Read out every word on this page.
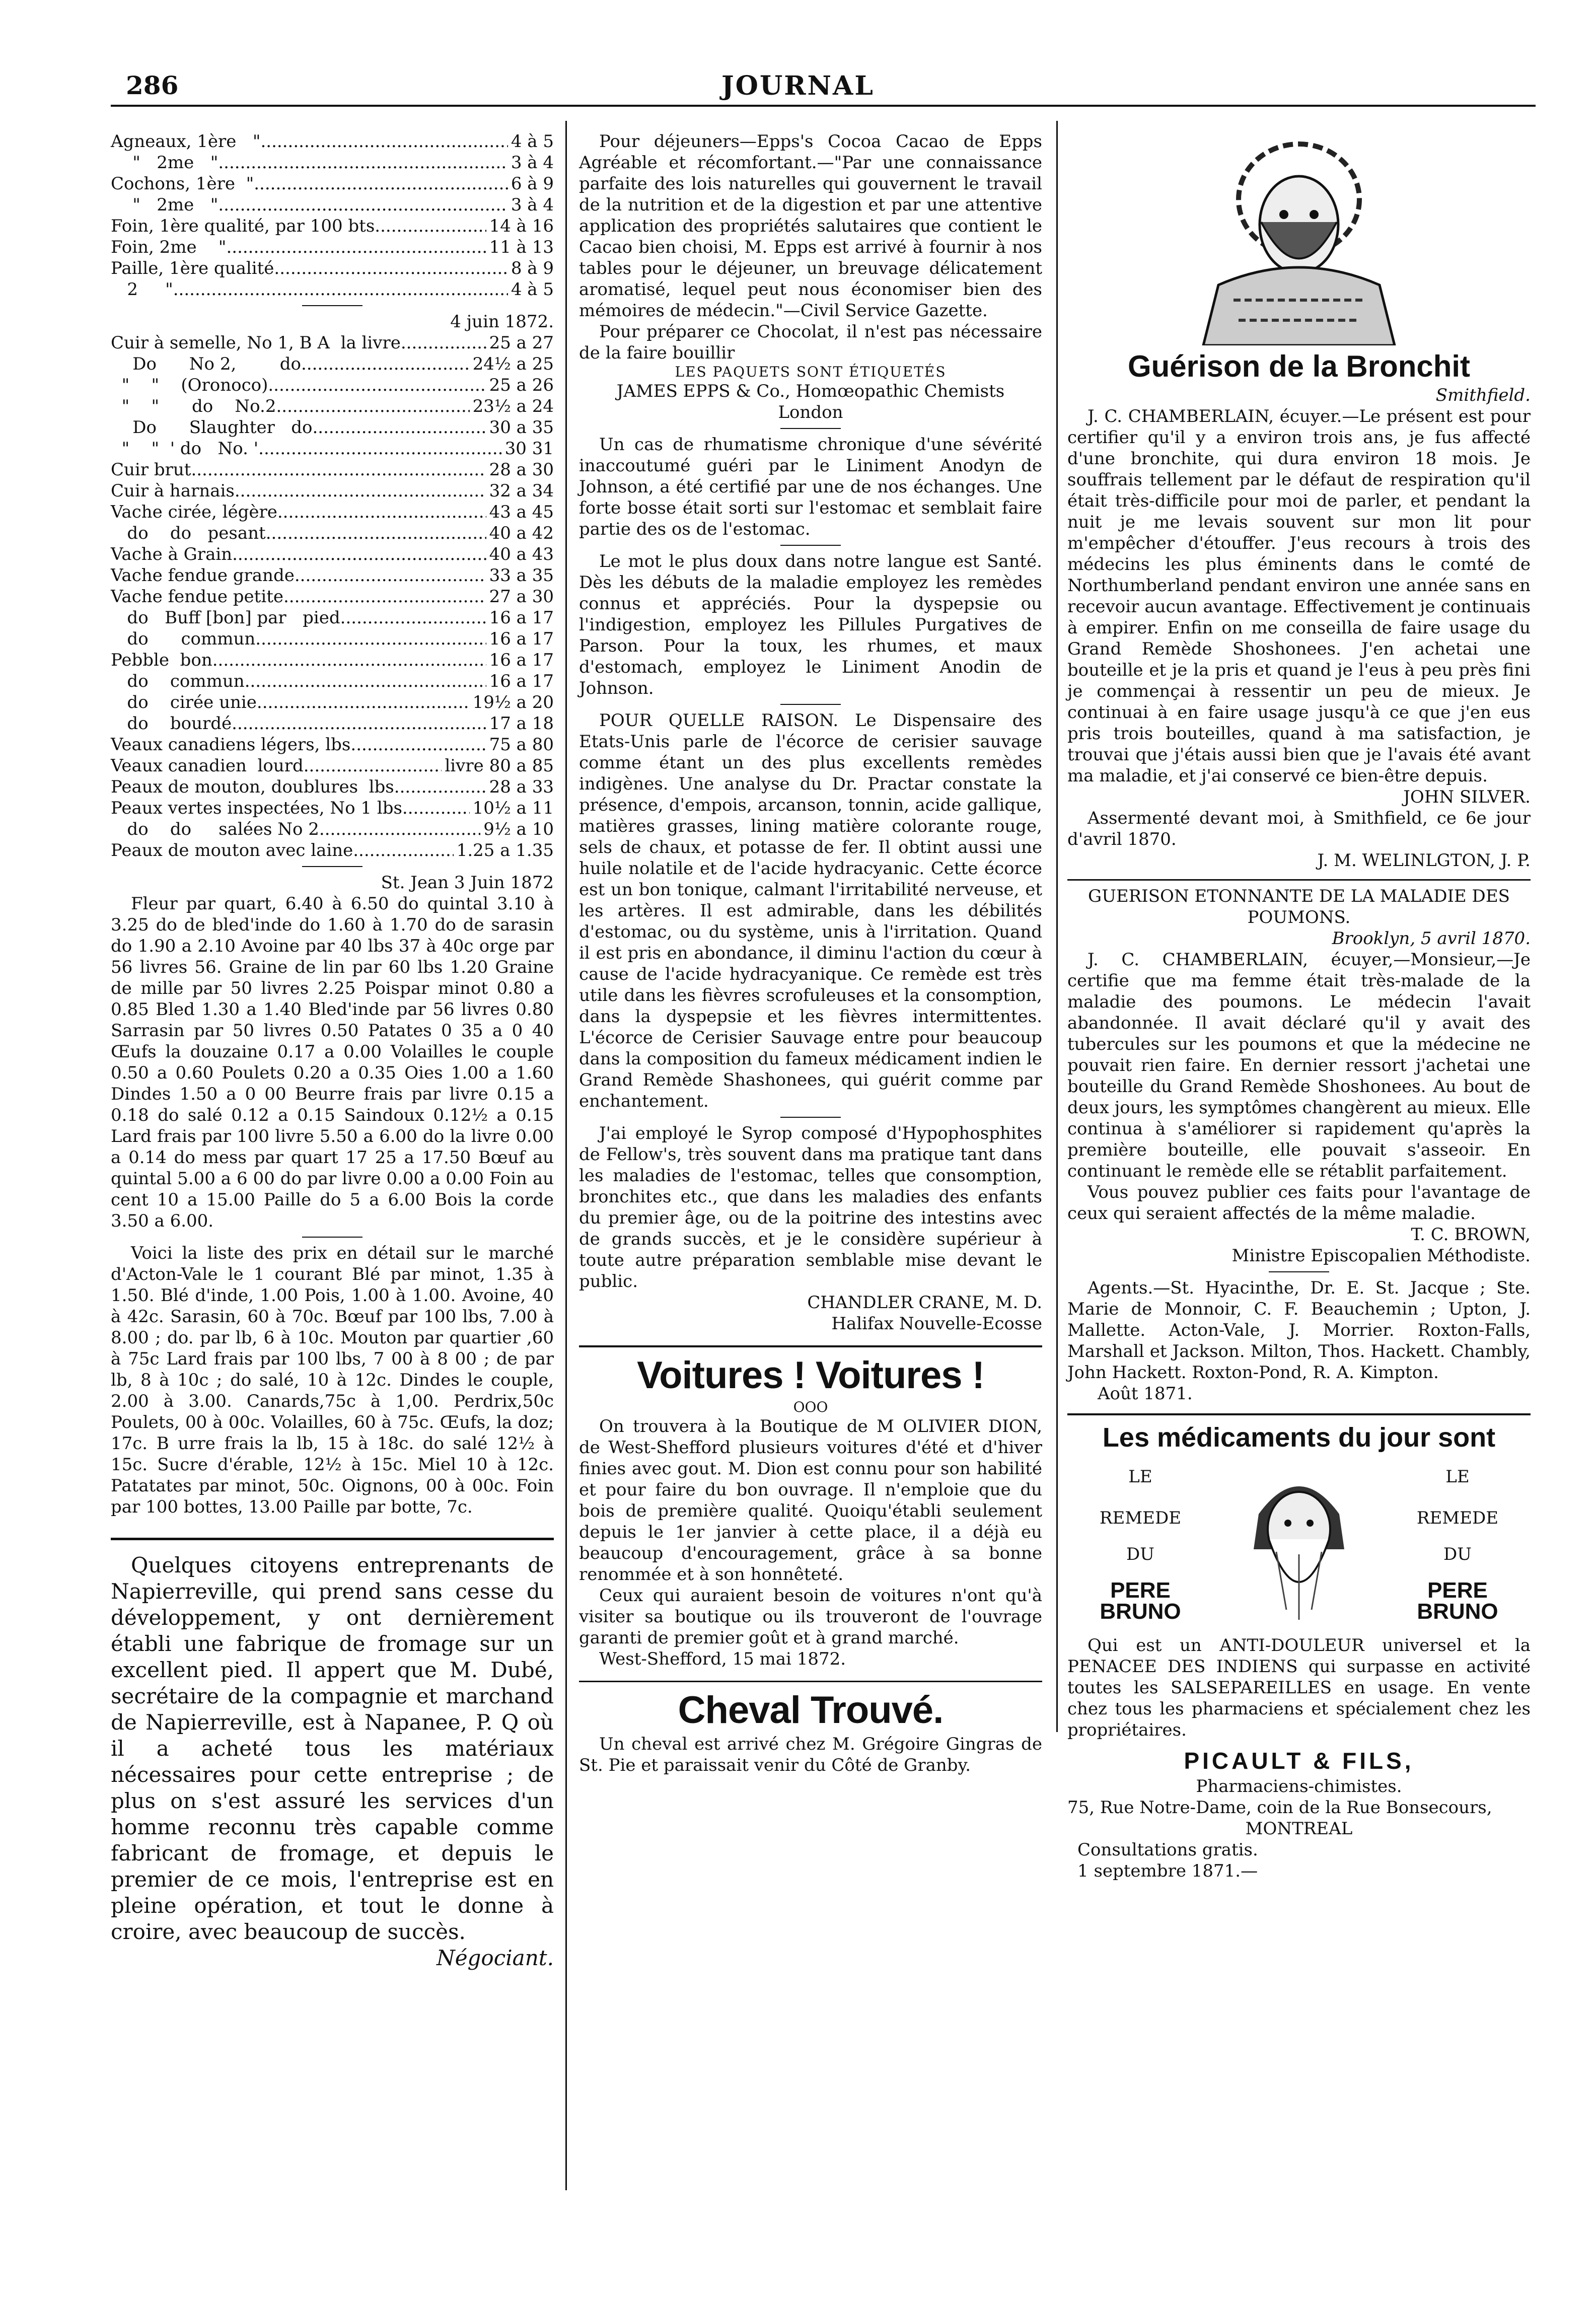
286	JOURNAL
Agneaux, 1ère   " .....	4 à 5
"   2me   " .....	3 à 4
Cochons, 1ère  " .....	6 à 9
"   2me   " .....	3 à 4
Foin, 1ère qualité, par 100 bts .....	14 à 16
Foin, 2me    " .....	11 à 13
Paille, 1ère qualité .....	8 à 9
2     " .....	4 à 5
4 juin 1872.
Cuir à semelle, No 1, B A  la livre .....	25 a 27
Do      No 2,        do .....	24½ a 25
"    "    (Oronoco) .....	25 a 26
"    "      do    No.2.. .....	23½ a 24
Do      Slaughter   do .....	30 a 35
"    "  ' do   No. ' .....	30 31
Cuir brut .....	28 a 30
Cuir à harnais .....	32 a 34
Vache cirée, légère .....	43 a 45
do    do   pesant .....	40 a 42
Vache à Grain .....	40 a 43
Vache fendue grande .....	33 a 35
Vache fendue petite .....	27 a 30
do   Buff [bon] par   pied .....	16 a 17
do      commun .....	16 a 17
Pebble  bon .....	16 a 17
do    commun .....	16 a 17
do    cirée unie .....	19½ a 20
do    bourdé .....	17 a 18
Veaux canadiens légers, lbs .....	75 a 80
Veaux canadien  lourd .....	livre 80 a 85
Peaux de mouton, doublures  lbs .....	28 a 33
Peaux vertes inspectées, No 1 lbs .....	10½ a 11
do    do     salées No 2 .....	9½ a 10
Peaux de mouton avec laine .....	1.25 a 1.35
St. Jean 3 Juin 1872

Fleur par quart, 6.40 à 6.50 do quintal 3.10 à 3.25 do de bled'inde do 1.60 à 1.70 do de sarasin do 1.90 a 2.10 Avoine par 40 lbs 37 à 40c orge par 56 livres 56. Graine de lin par 60 lbs 1.20 Graine de mille par 50 livres 2.25 Poispar minot 0.80 a 0.85 Bled 1.30 a 1.40 Bled'inde par 56 livres 0.80 Sarrasin par 50 livres 0.50 Patates 0 35 a 0 40 Œufs la douzaine 0.17 a 0.00 Volailles le couple 0.50 a 0.60 Poulets 0.20 a 0.35 Oies 1.00 a 1.60 Dindes 1.50 a 0 00 Beurre frais par livre 0.15 a 0.18 do salé 0.12 a 0.15 Saindoux 0.12½ a 0.15 Lard frais par 100 livre 5.50 a 6.00 do la livre 0.00 a 0.14 do mess par quart 17 25 a 17.50 Bœuf au quintal 5.00 a 6 00 do par livre 0.00 a 0.00 Foin au cent 10 a 15.00 Paille do 5 a 6.00 Bois la corde 3.50 a 6.00.

Voici la liste des prix en détail sur le marché d'Acton-Vale le 1 courant Blé par minot, 1.35 à 1.50. Blé d'inde, 1.00 Pois, 1.00 à 1.00. Avoine, 40 à 42c. Sarasin, 60 à 70c. Bœuf par 100 lbs, 7.00 à 8.00 ; do. par lb, 6 à 10c. Mouton par quartier ,60 à 75c Lard frais par 100 lbs, 7 00 à 8 00 ; de par lb, 8 à 10c ; do salé, 10 à 12c. Dindes le couple, 2.00 à 3.00. Canards,75c à 1,00. Perdrix,50c Poulets, 00 à 00c. Volailles, 60 à 75c. Œufs, la doz; 17c. B urre frais la lb, 15 à 18c. do salé 12½ à 15c. Sucre d'érable, 12½ à 15c. Miel 10 à 12c. Patatates par minot, 50c. Oignons, 00 à 00c. Foin par 100 bottes, 13.00 Paille par botte, 7c.

Quelques citoyens entreprenants de Napierreville, qui prend sans cesse du développement, y ont dernièrement établi une fabrique de fromage sur un excellent pied. Il appert que M. Dubé, secrétaire de la compagnie et marchand de Napierreville, est à Napanee, P. Q où il a acheté tous les matériaux nécessaires pour cette entreprise ; de plus on s'est assuré les services d'un homme reconnu très capable comme fabricant de fromage, et depuis le premier de ce mois, l'entreprise est en pleine opération, et tout le donne à croire, avec beaucoup de succès.

Négociant.

Pour déjeuners—Epps's Cocoa Cacao de Epps Agréable et récomfortant.—"Par une connaissance parfaite des lois naturelles qui gouvernent le travail de la nutrition et de la digestion et par une attentive application des propriétés salutaires que contient le Cacao bien choisi, M. Epps est arrivé à fournir à nos tables pour le déjeuner, un breuvage délicatement aromatisé, lequel peut nous économiser bien des mémoires de médecin."—Civil Service Gazette.

Pour préparer ce Chocolat, il n'est pas nécessaire de la faire bouillir

LES PAQUETS SONT ÉTIQUETÉS
JAMES EPPS & Co., Homœopathic Chemists
London

Un cas de rhumatisme chronique d'une sévérité inaccoutumé guéri par le Liniment Anodyn de Johnson, a été certifié par une de nos échanges. Une forte bosse était sorti sur l'estomac et semblait faire partie des os de l'estomac.

Le mot le plus doux dans notre langue est Santé. Dès les débuts de la maladie employez les remèdes connus et appréciés. Pour la dyspepsie ou l'indigestion, employez les Pillules Purgatives de Parson. Pour la toux, les rhumes, et maux d'estomach, employez le Liniment Anodin de Johnson.

POUR QUELLE RAISON. Le Dispensaire des Etats-Unis parle de l'écorce de cerisier sauvage comme étant un des plus excellents remèdes indigènes. Une analyse du Dr. Practar constate la présence, d'empois, arcanson, tonnin, acide gallique, matières grasses, lining matière colorante rouge, sels de chaux, et potasse de fer. Il obtint aussi une huile nolatile et de l'acide hydracyanic. Cette écorce est un bon tonique, calmant l'irritabilité nerveuse, et les artères. Il est admirable, dans les débilités d'estomac, ou du système, unis à l'irritation. Quand il est pris en abondance, il diminu l'action du cœur à cause de l'acide hydracyanique. Ce remède est très utile dans les fièvres scrofuleuses et la consomption, dans la dyspepsie et les fièvres intermittentes. L'écorce de Cerisier Sauvage entre pour beaucoup dans la composition du fameux médicament indien le Grand Remède Shashonees, qui guérit comme par enchantement.

J'ai employé le Syrop composé d'Hypophosphites de Fellow's, très souvent dans ma pratique tant dans les maladies de l'estomac, telles que consomption, bronchites etc., que dans les maladies des enfants du premier âge, ou de la poitrine des intestins avec de grands succès, et je le considère supérieur à toute autre préparation semblable mise devant le public.

CHANDLER CRANE, M. D.
Halifax Nouvelle-Ecosse
Voitures ! Voitures !
OOO

On trouvera à la Boutique de M OLIVIER DION, de West-Shefford plusieurs voitures d'été et d'hiver finies avec gout. M. Dion est connu pour son habilité et pour faire du bon ouvrage. Il n'emploie que du bois de première qualité. Quoiqu'établi seulement depuis le 1er janvier à cette place, il a déjà eu beaucoup d'encouragement, grâce à sa bonne renommée et à son honnêteté.

Ceux qui auraient besoin de voitures n'ont qu'à visiter sa boutique ou ils trouveront de l'ouvrage garanti de premier goût et à grand marché.

West-Shefford, 15 mai 1872.
Cheval Trouvé.

Un cheval est arrivé chez M. Grégoire Gingras de St. Pie et paraissait venir du Côté de Granby.

Guérison de la Bronchit
Smithfield.

J. C. CHAMBERLAIN, écuyer.—Le présent est pour certifier qu'il y a environ trois ans, je fus affecté d'une bronchite, qui dura environ 18 mois. Je souffrais tellement par le défaut de respiration qu'il était très-difficile pour moi de parler, et pendant la nuit je me levais souvent sur mon lit pour m'empêcher d'étouffer. J'eus recours à trois des médecins les plus éminents dans le comté de Northumberland pendant environ une année sans en recevoir aucun avantage. Effectivement je continuais à empirer. Enfin on me conseilla de faire usage du Grand Remède Shoshonees. J'en achetai une bouteille et je la pris et quand je l'eus à peu près fini je commençai à ressentir un peu de mieux. Je continuai à en faire usage jusqu'à ce que j'en eus pris trois bouteilles, quand à ma satisfaction, je trouvai que j'étais aussi bien que je l'avais été avant ma maladie, et j'ai conservé ce bien-être depuis.

JOHN SILVER.

Assermenté devant moi, à Smithfield, ce 6e jour d'avril 1870.

J. M. WELINLGTON, J. P.
GUERISON ETONNANTE DE LA MALADIE DES POUMONS.
Brooklyn, 5 avril 1870.

J. C. CHAMBERLAIN, écuyer,—Monsieur,—Je certifie que ma femme était très-malade de la maladie des poumons. Le médecin l'avait abandonnée. Il avait déclaré qu'il y avait des tubercules sur les poumons et que la médecine ne pouvait rien faire. En dernier ressort j'achetai une bouteille du Grand Remède Shoshonees. Au bout de deux jours, les symptômes changèrent au mieux. Elle continua à s'améliorer si rapidement qu'après la première bouteille, elle pouvait s'asseoir. En continuant le remède elle se rétablit parfaitement.

Vous pouvez publier ces faits pour l'avantage de ceux qui seraient affectés de la même maladie.

T. C. BROWN,
Ministre Episcopalien Méthodiste.

Agents.—St. Hyacinthe, Dr. E. St. Jacque ; Ste. Marie de Monnoir, C. F. Beauchemin ; Upton, J. Mallette. Acton-Vale, J. Morrier. Roxton-Falls, Marshall et Jackson. Milton, Thos. Hackett. Chambly, John Hackett. Roxton-Pond, R. A. Kimpton.

Août 1871.
Les médicaments du jour sont
LE
REMEDE
DU
PERE BRUNO
LE
REMEDE
DU
PERE BRUNO

Qui est un ANTI-DOULEUR universel et la PENACEE DES INDIENS qui surpasse en activité toutes les SALSEPAREILLES en usage. En vente chez tous les pharmaciens et spécialement chez les propriétaires.

PICAULT & FILS,
Pharmaciens-chimistes.
75, Rue Notre-Dame, coin de la Rue Bonsecours,
MONTREAL
Consultations gratis.
1 septembre 1871.—
